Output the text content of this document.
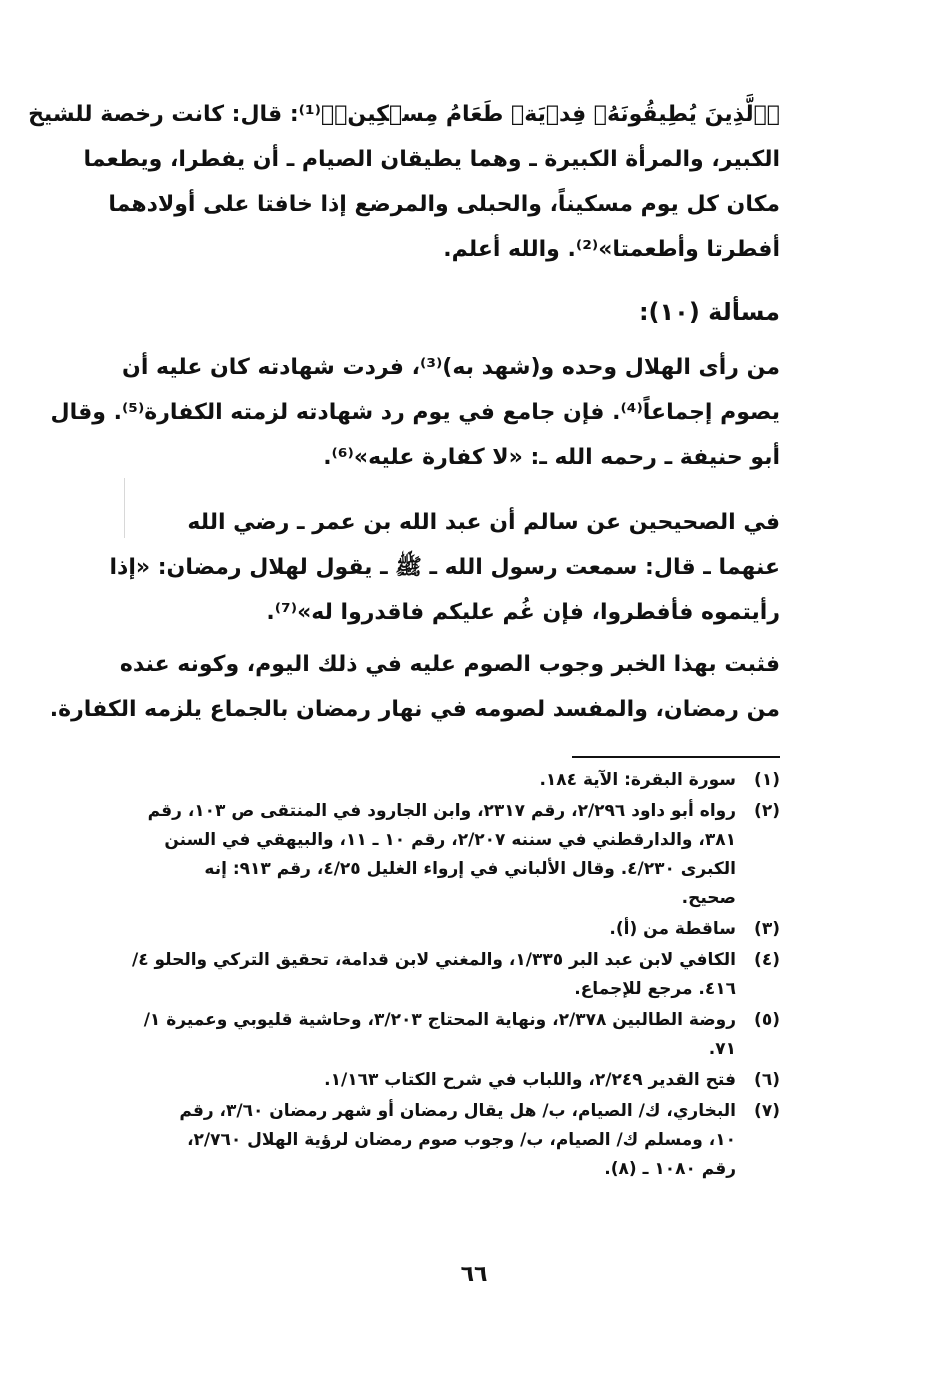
﴿ٱلَّذِينَ يُطِيقُونَهُۥ فِدۡيَةٞ طَعَامُ مِسۡكِينٖ﴾⁽¹⁾: قال: كانت رخصة للشيخ
الكبير، والمرأة الكبيرة ـ وهما يطيقان الصيام ـ أن يفطرا، ويطعما
مكان كل يوم مسكيناً، والحبلى والمرضع إذا خافتا على أولادهما
أفطرتا وأطعمتا»⁽²⁾. والله أعلم.
مسألة (١٠):
من رأى الهلال وحده و(شهد به)⁽³⁾، فردت شهادته كان عليه أن
يصوم إجماعاً⁽⁴⁾. فإن جامع في يوم رد شهادته لزمته الكفارة⁽⁵⁾. وقال
أبو حنيفة ـ رحمه الله ـ: «لا كفارة عليه»⁽⁶⁾.
في الصحيحين عن سالم أن عبد الله بن عمر ـ رضي الله
عنهما ـ قال: سمعت رسول الله ـ ﷺ ـ يقول لهلال رمضان: «إذا
رأيتموه فأفطروا، فإن غُم عليكم فاقدروا له»⁽⁷⁾.
فثبت بهذا الخبر وجوب الصوم عليه في ذلك اليوم، وكونه عنده
من رمضان، والمفسد لصومه في نهار رمضان بالجماع يلزمه الكفارة.
(١)
سورة البقرة: الآية ١٨٤.
(٢)
رواه أبو داود ٢/٢٩٦، رقم ٢٣١٧، وابن الجارود في المنتقى ص ١٠٣، رقم
٣٨١، والدارقطني في سننه ٢/٢٠٧، رقم ١٠ ـ ١١، والبيهقي في السنن
الكبرى ٤/٢٣٠. وقال الألباني في إرواء الغليل ٤/٢٥، رقم ٩١٣: إنه
صحيح.
(٣)
ساقطة من (أ).
(٤)
الكافي لابن عبد البر ١/٣٣٥، والمغني لابن قدامة، تحقيق التركي والحلو ٤/
٤١٦. مرجع للإجماع.
(٥)
روضة الطالبين ٢/٣٧٨، ونهاية المحتاج ٣/٢٠٣، وحاشية قليوبي وعميرة ١/
٧١.
(٦)
فتح القدير ٢/٢٤٩، واللباب في شرح الكتاب ١/١٦٣.
(٧)
البخاري، ك/ الصيام، ب/ هل يقال رمضان أو شهر رمضان ٣/٦٠، رقم
١٠، ومسلم ك/ الصيام، ب/ وجوب صوم رمضان لرؤية الهلال ٢/٧٦٠،
رقم ١٠٨٠ ـ (٨).
٦٦
